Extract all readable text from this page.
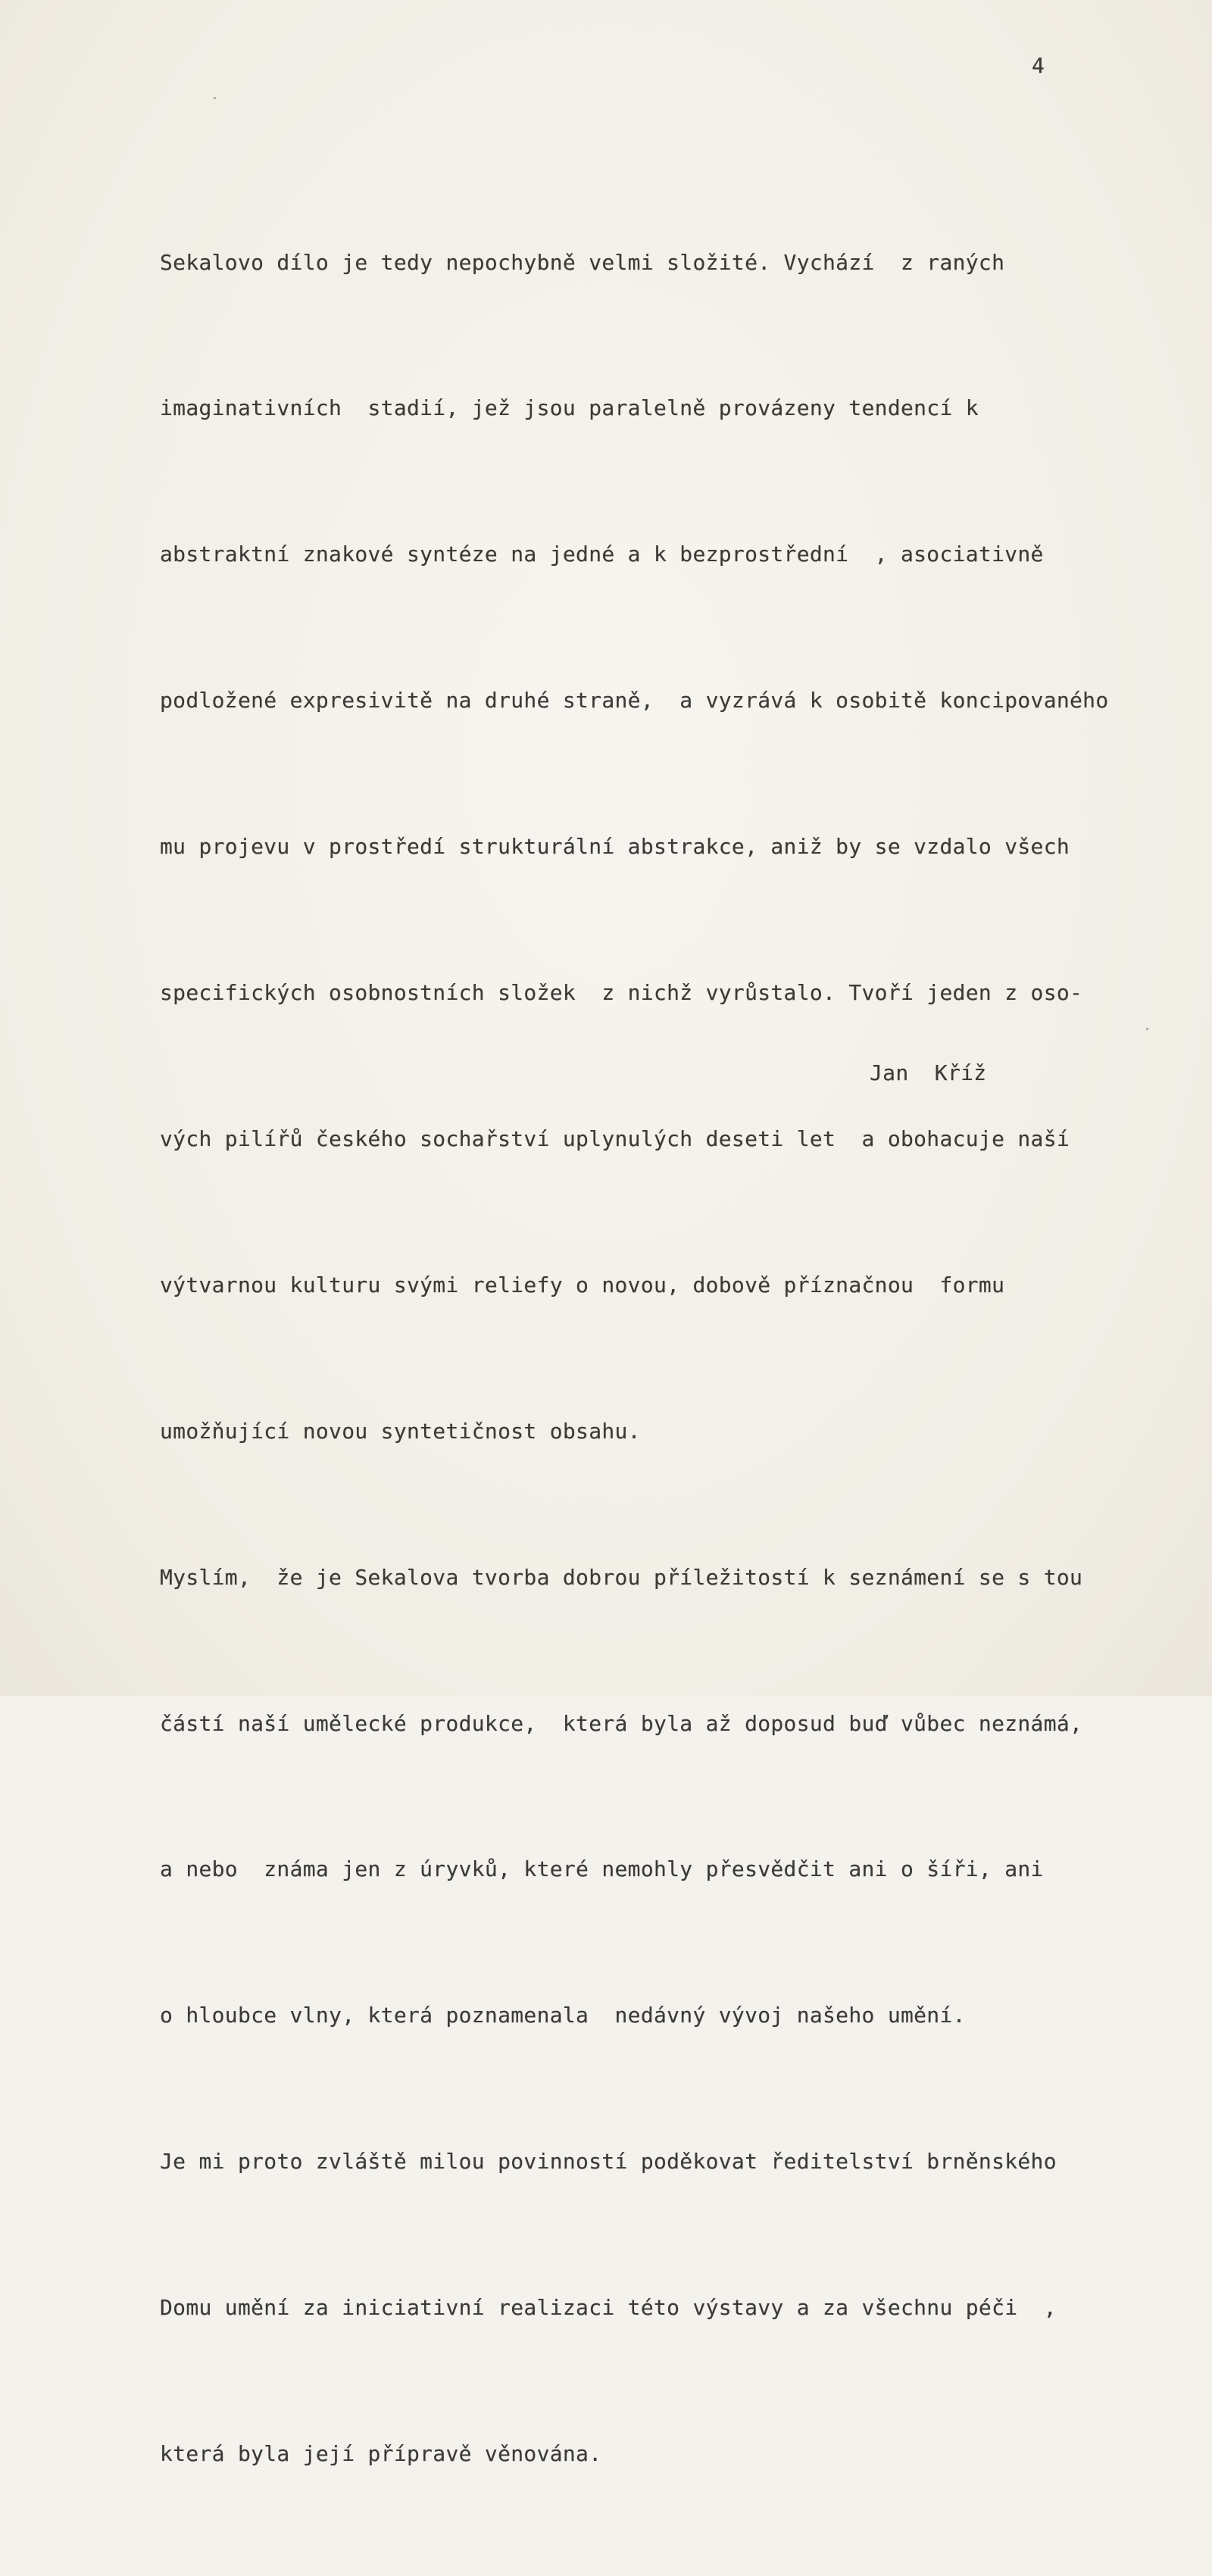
4

Sekalovo dílo je tedy nepochybně velmi složité. Vychází  z raných

imaginativních  stadií, jež jsou paralelně provázeny tendencí k

abstraktní znakové syntéze na jedné a k bezprostřední  , asociativně

podložené expresivitě na druhé straně,  a vyzrává k osobitě koncipovaného

mu projevu v prostředí strukturální abstrakce, aniž by se vzdalo všech

specifických osobnostních složek  z nichž vyrůstalo. Tvoří jeden z oso-

vých pilířů českého sochařství uplynulých deseti let  a obohacuje naší

výtvarnou kulturu svými reliefy o novou, dobově příznačnou  formu

umožňující novou syntetičnost obsahu.

Myslím,  že je Sekalova tvorba dobrou příležitostí k seznámení se s tou

částí naší umělecké produkce,  která byla až doposud buď vůbec neznámá,

a nebo  známa jen z úryvků, které nemohly přesvědčit ani o šíři, ani

o hloubce vlny, která poznamenala  nedávný vývoj našeho umění.

Je mi proto zvláště milou povinností poděkovat ředitelství brněnského

Domu umění za iniciativní realizaci této výstavy a za všechnu péči  ,

která byla její přípravě věnována.

Jan  Kříž
